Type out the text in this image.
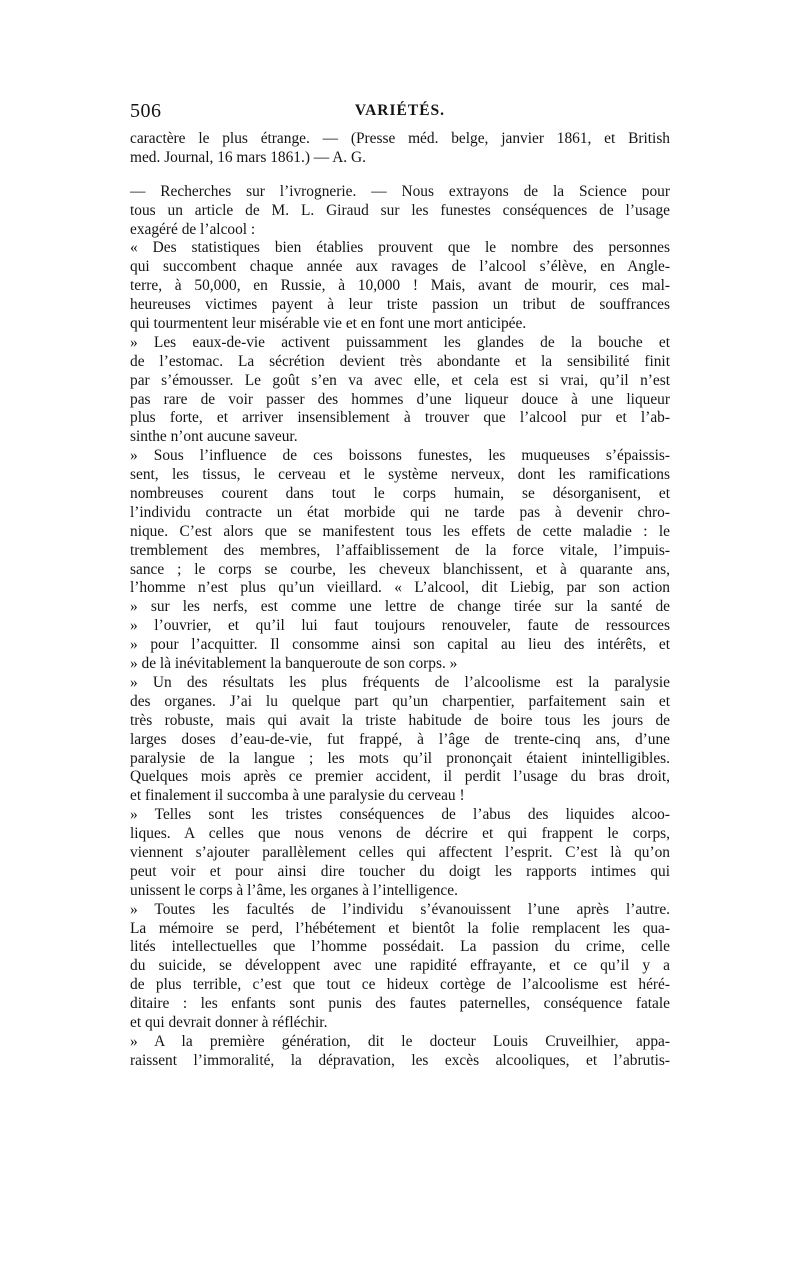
506	VARIÉTÉS.
caractère le plus étrange. — (Presse méd. belge, janvier 1861, et British
med. Journal, 16 mars 1861.) — A. G.
— Recherches sur l’ivrognerie. — Nous extrayons de la Science pour
tous un article de M. L. Giraud sur les funestes conséquences de l’usage
exagéré de l’alcool :
« Des statistiques bien établies prouvent que le nombre des personnes
qui succombent chaque année aux ravages de l’alcool s’élève, en Angle-
terre, à 50,000, en Russie, à 10,000 ! Mais, avant de mourir, ces mal-
heureuses victimes payent à leur triste passion un tribut de souffrances
qui tourmentent leur misérable vie et en font une mort anticipée.
» Les eaux-de-vie activent puissamment les glandes de la bouche et
de l’estomac. La sécrétion devient très abondante et la sensibilité finit
par s’émousser. Le goût s’en va avec elle, et cela est si vrai, qu’il n’est
pas rare de voir passer des hommes d’une liqueur douce à une liqueur
plus forte, et arriver insensiblement à trouver que l’alcool pur et l’ab-
sinthe n’ont aucune saveur.
» Sous l’influence de ces boissons funestes, les muqueuses s’épaissis-
sent, les tissus, le cerveau et le système nerveux, dont les ramifications
nombreuses courent dans tout le corps humain, se désorganisent, et
l’individu contracte un état morbide qui ne tarde pas à devenir chro-
nique. C’est alors que se manifestent tous les effets de cette maladie : le
tremblement des membres, l’affaiblissement de la force vitale, l’impuis-
sance ; le corps se courbe, les cheveux blanchissent, et à quarante ans,
l’homme n’est plus qu’un vieillard. « L’alcool, dit Liebig, par son action
» sur les nerfs, est comme une lettre de change tirée sur la santé de
» l’ouvrier, et qu’il lui faut toujours renouveler, faute de ressources
» pour l’acquitter. Il consomme ainsi son capital au lieu des intérêts, et
» de là inévitablement la banqueroute de son corps. »
» Un des résultats les plus fréquents de l’alcoolisme est la paralysie
des organes. J’ai lu quelque part qu’un charpentier, parfaitement sain et
très robuste, mais qui avait la triste habitude de boire tous les jours de
larges doses d’eau-de-vie, fut frappé, à l’âge de trente-cinq ans, d’une
paralysie de la langue ; les mots qu’il prononçait étaient inintelligibles.
Quelques mois après ce premier accident, il perdit l’usage du bras droit,
et finalement il succomba à une paralysie du cerveau !
» Telles sont les tristes conséquences de l’abus des liquides alcoo-
liques. A celles que nous venons de décrire et qui frappent le corps,
viennent s’ajouter parallèlement celles qui affectent l’esprit. C’est là qu’on
peut voir et pour ainsi dire toucher du doigt les rapports intimes qui
unissent le corps à l’âme, les organes à l’intelligence.
» Toutes les facultés de l’individu s’évanouissent l’une après l’autre.
La mémoire se perd, l’hébétement et bientôt la folie remplacent les qua-
lités intellectuelles que l’homme possédait. La passion du crime, celle
du suicide, se développent avec une rapidité effrayante, et ce qu’il y a
de plus terrible, c’est que tout ce hideux cortège de l’alcoolisme est héré-
ditaire : les enfants sont punis des fautes paternelles, conséquence fatale
et qui devrait donner à réfléchir.
» A la première génération, dit le docteur Louis Cruveilhier, appa-
raissent l’immoralité, la dépravation, les excès alcooliques, et l’abrutis-
